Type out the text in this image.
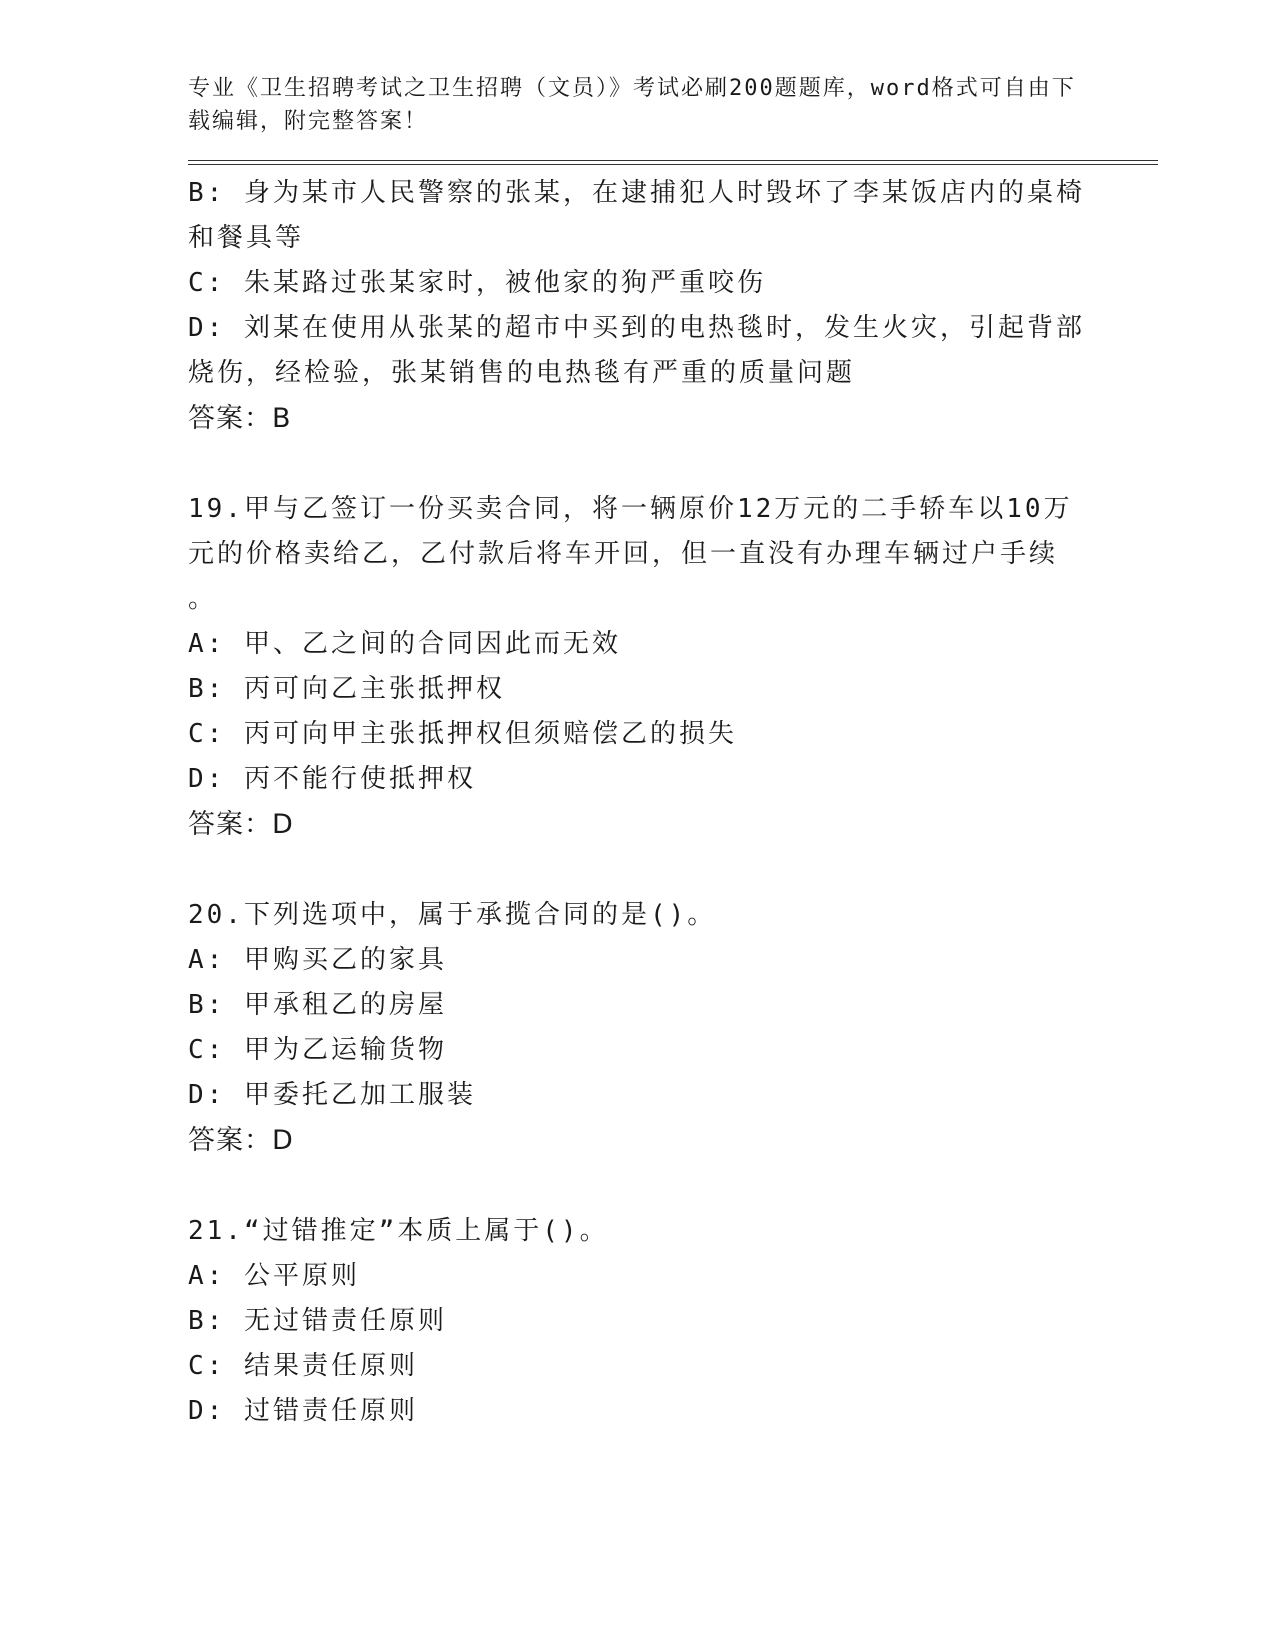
专业《卫生招聘考试之卫生招聘（文员）》考试必刷200题题库，word格式可自由下载编辑，附完整答案！
B: 身为某市人民警察的张某，在逮捕犯人时毁坏了李某饭店内的桌椅和餐具等
C: 朱某路过张某家时，被他家的狗严重咬伤
D: 刘某在使用从张某的超市中买到的电热毯时，发生火灾，引起背部烧伤，经检验，张某销售的电热毯有严重的质量问题
答案：B
19.甲与乙签订一份买卖合同，将一辆原价12万元的二手轿车以10万元的价格卖给乙，乙付款后将车开回，但一直没有办理车辆过户手续
。
A: 甲、乙之间的合同因此而无效
B: 丙可向乙主张抵押权
C: 丙可向甲主张抵押权但须赔偿乙的损失
D: 丙不能行使抵押权
答案：D
20.下列选项中，属于承揽合同的是()。
A: 甲购买乙的家具
B: 甲承租乙的房屋
C: 甲为乙运输货物
D: 甲委托乙加工服装
答案：D
21.“过错推定”本质上属于()。
A: 公平原则
B: 无过错责任原则
C: 结果责任原则
D: 过错责任原则
